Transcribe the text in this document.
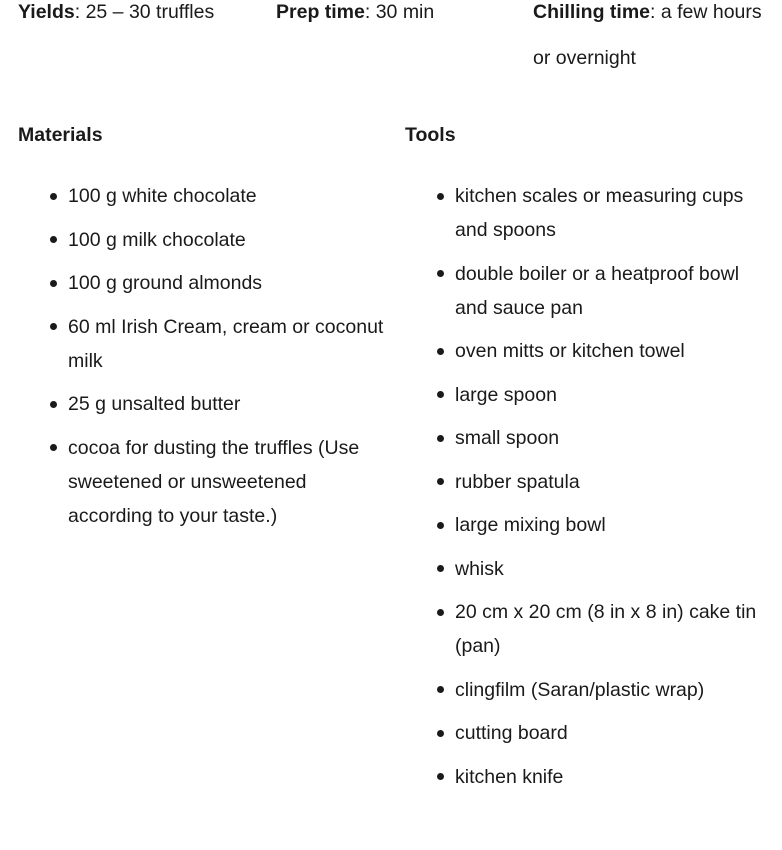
Yields: 25 – 30 truffles	Prep time: 30 min	Chilling time: a few hours or overnight

Materials
100 g white chocolate
100 g milk chocolate
100 g ground almonds
60 ml Irish Cream, cream or coconut milk
25 g unsalted butter
cocoa for dusting the truffles (Use sweetened or unsweetened according to your taste.)
Tools
kitchen scales or measuring cups and spoons
double boiler or a heatproof bowl and sauce pan
oven mitts or kitchen towel
large spoon
small spoon
rubber spatula
large mixing bowl
whisk
20 cm x 20 cm (8 in x 8 in) cake tin (pan)
clingfilm (Saran/plastic wrap)
cutting board
kitchen knife
